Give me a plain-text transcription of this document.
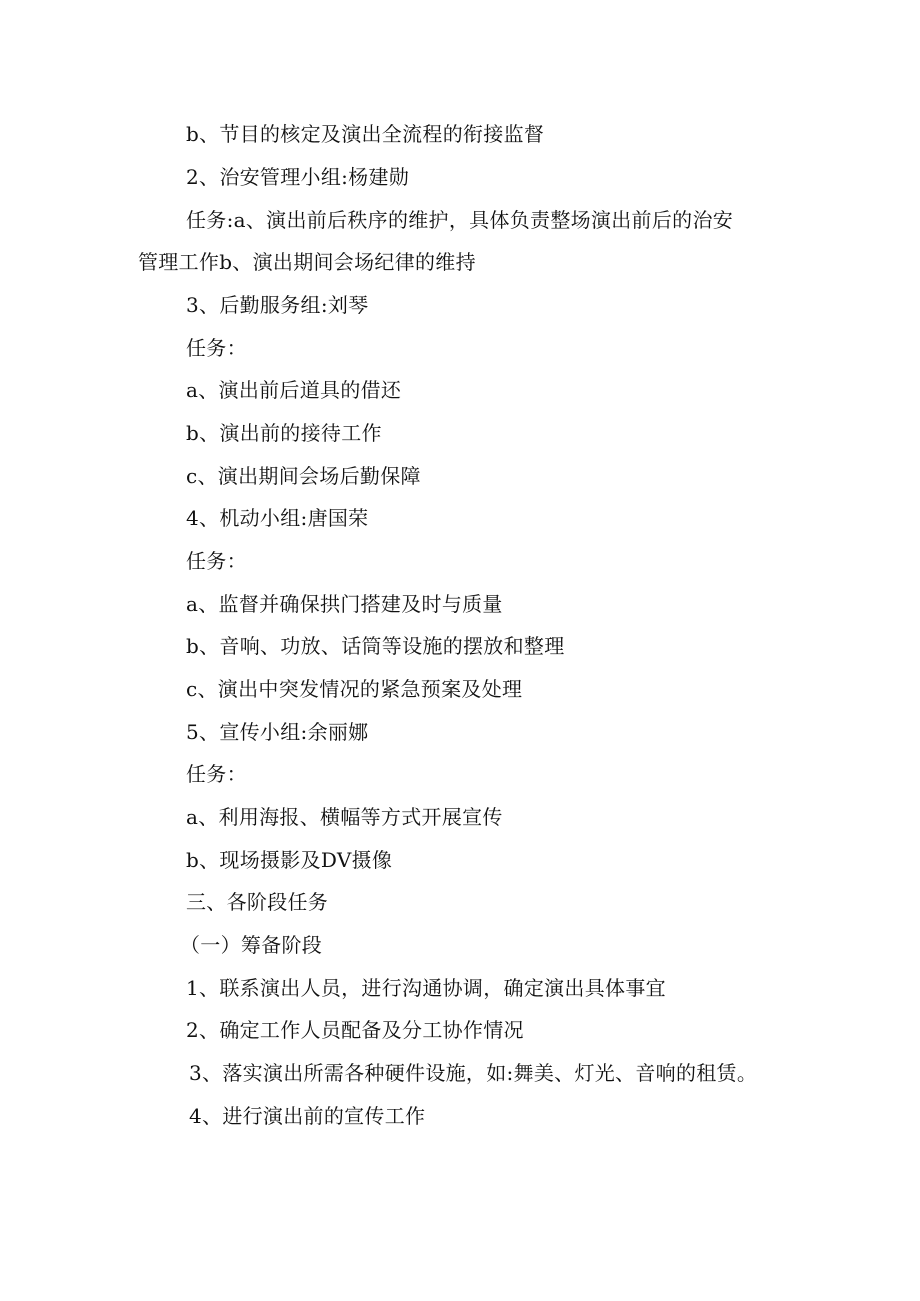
b、节目的核定及演出全流程的衔接监督
2、治安管理小组:杨建勋
任务:a、演出前后秩序的维护，具体负责整场演出前后的治安
管理工作b、演出期间会场纪律的维持
3、后勤服务组:刘琴
任务：
a、演出前后道具的借还
b、演出前的接待工作
c、演出期间会场后勤保障
4、机动小组:唐国荣
任务：
a、监督并确保拱门搭建及时与质量
b、音响、功放、话筒等设施的摆放和整理
c、演出中突发情况的紧急预案及处理
5、宣传小组:余丽娜
任务：
a、利用海报、横幅等方式开展宣传
b、现场摄影及DV摄像
三、各阶段任务
（一）筹备阶段
1、联系演出人员，进行沟通协调，确定演出具体事宜
2、确定工作人员配备及分工协作情况
3、落实演出所需各种硬件设施，如:舞美、灯光、音响的租赁。
4、进行演出前的宣传工作
